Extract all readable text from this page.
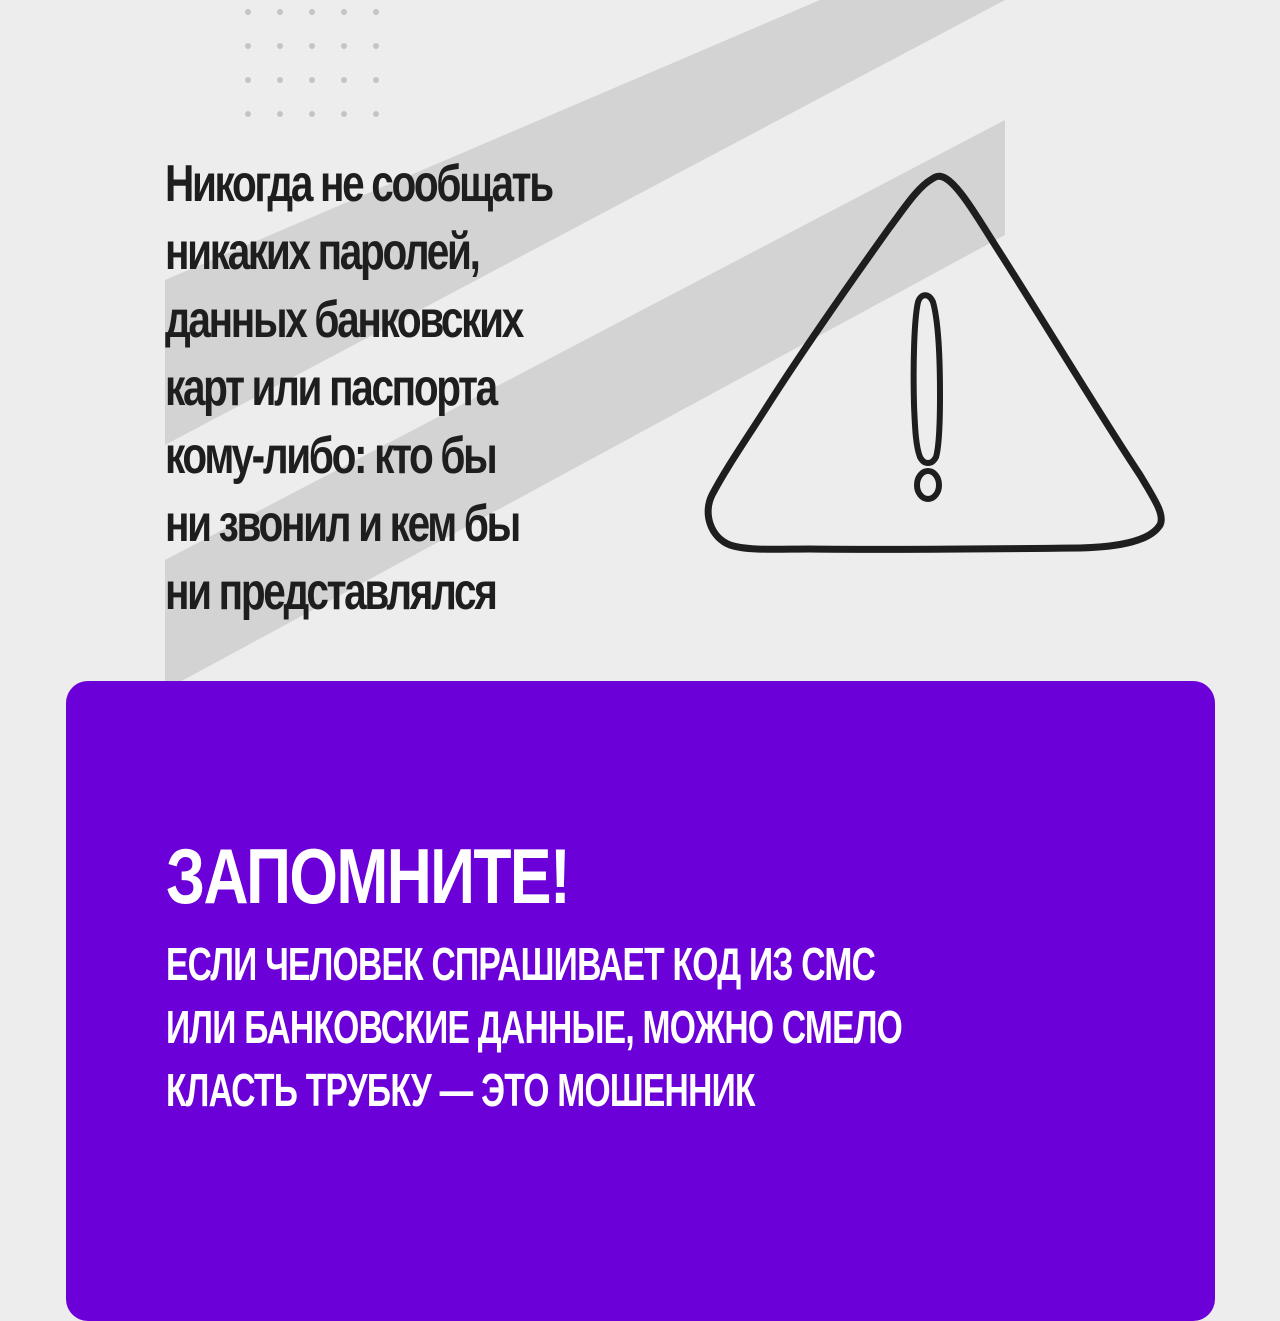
Никогда не сообщать
никаких паролей,
данных банковских
карт или паспорта
кому-либо: кто бы
ни звонил и кем бы
ни представлялся

ЗАПОМНИТЕ!

ЕСЛИ ЧЕЛОВЕК СПРАШИВАЕТ КОД ИЗ СМС
ИЛИ БАНКОВСКИЕ ДАННЫЕ, МОЖНО СМЕЛО
КЛАСТЬ ТРУБКУ — ЭТО МОШЕННИК
